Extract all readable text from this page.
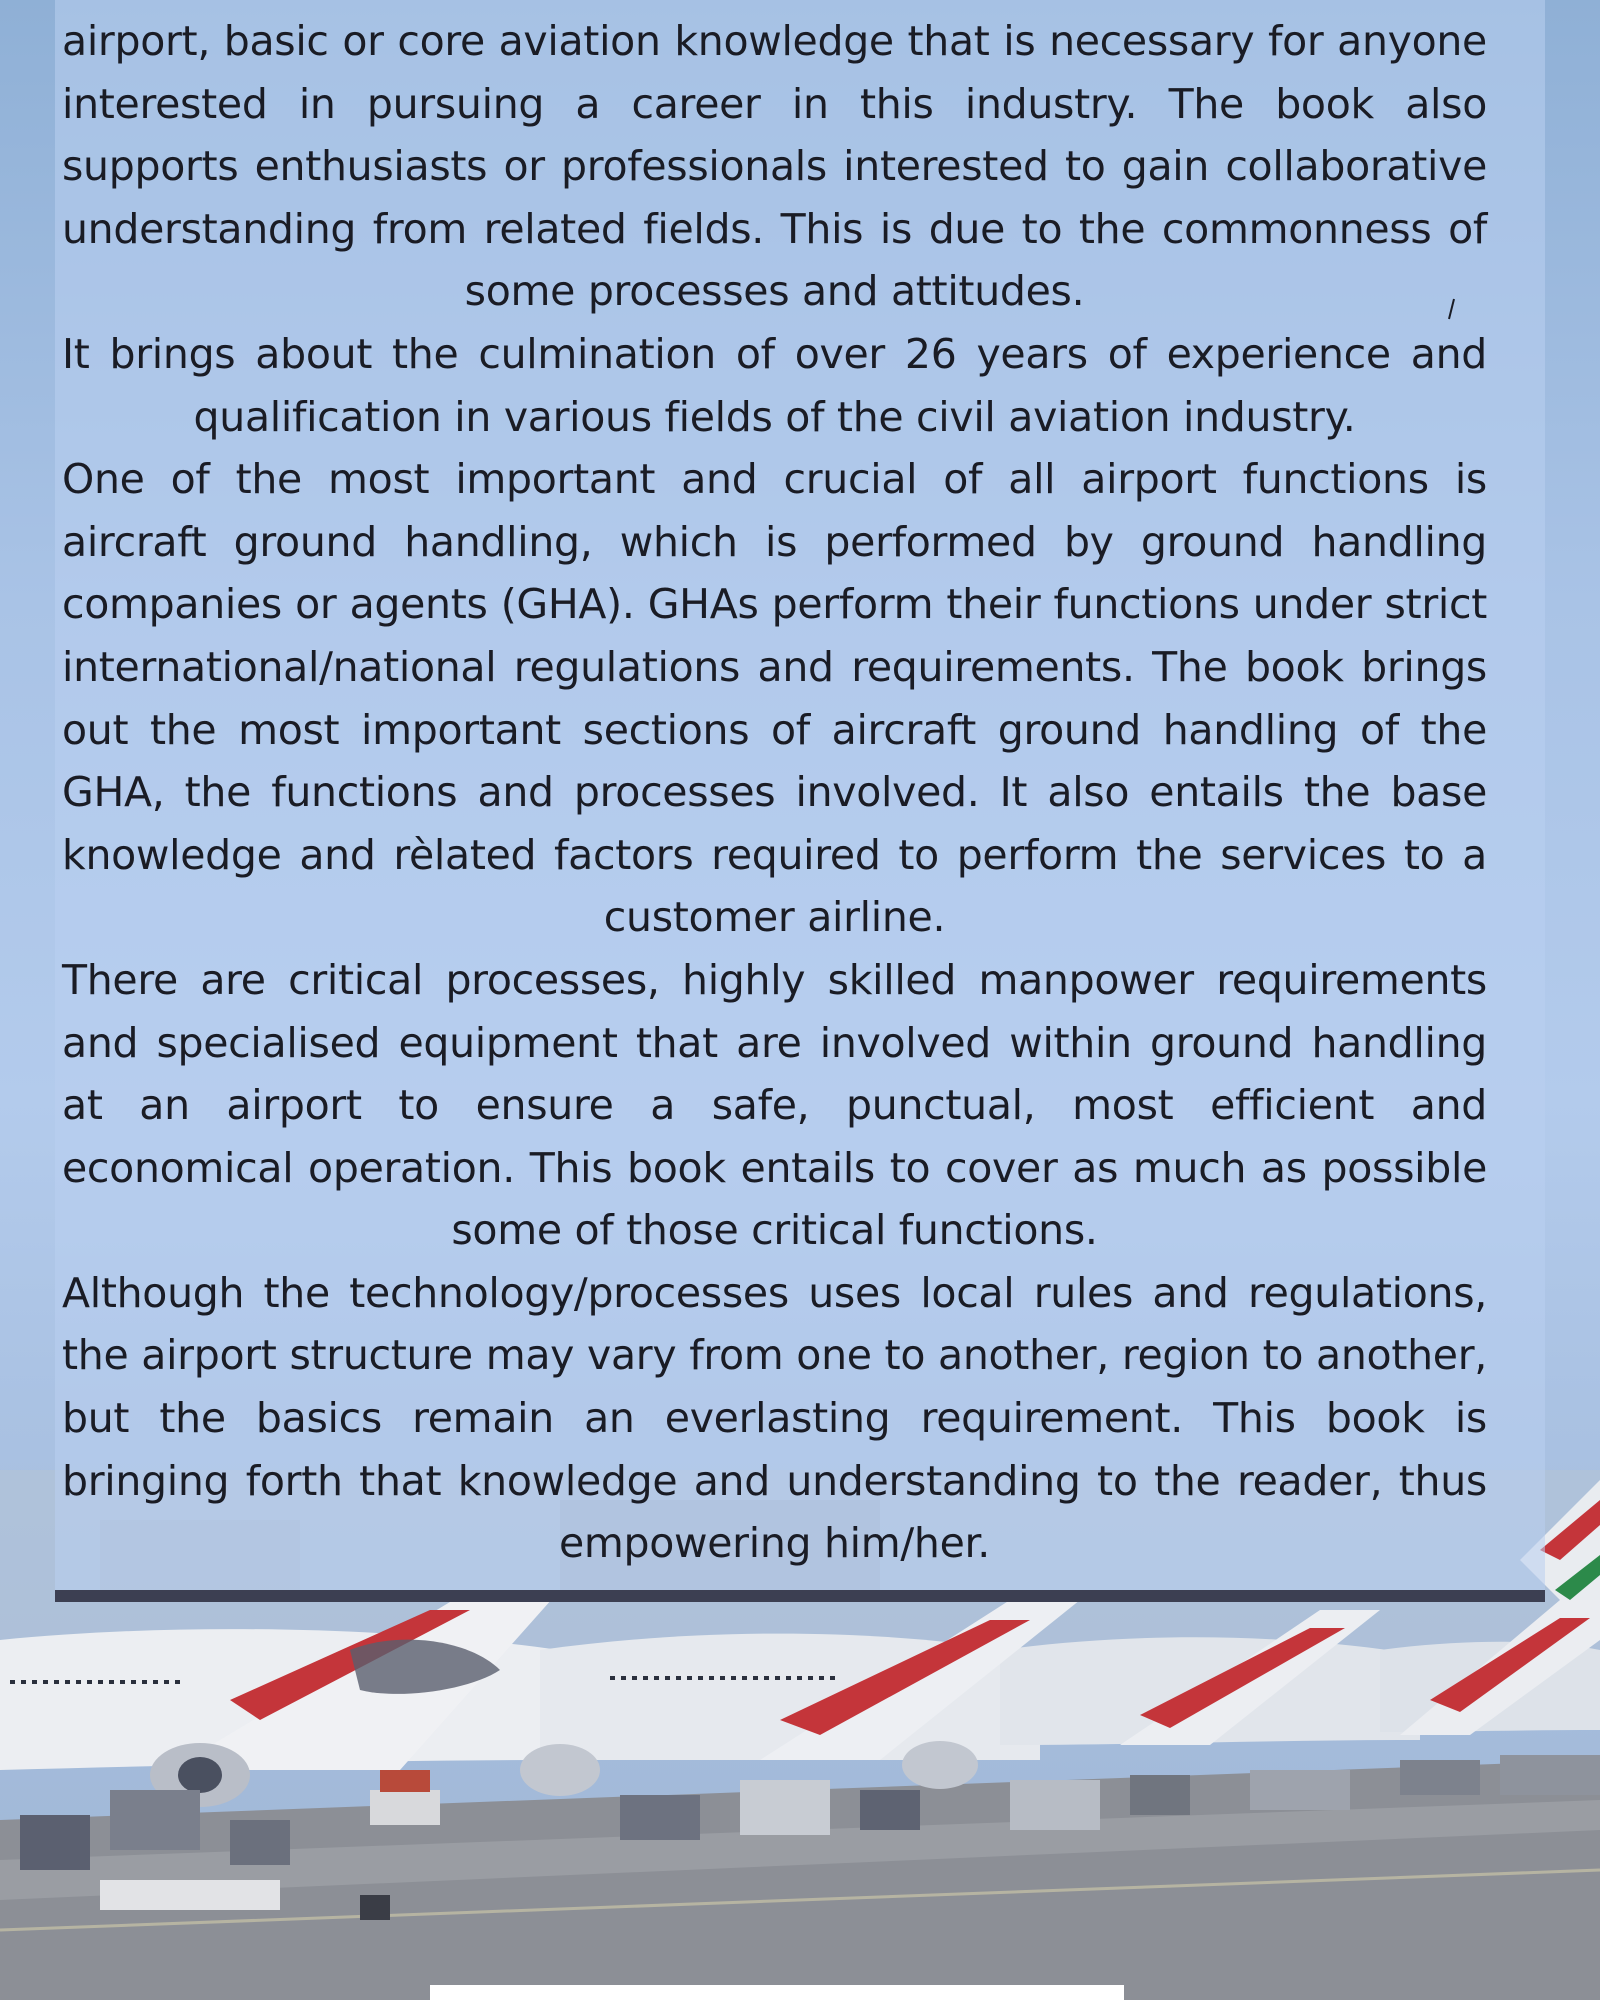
airport, basic or core aviation knowledge that is necessary for anyone interested in pursuing a career in this industry. The book also supports enthusiasts or professionals interested to gain collaborative understanding from related fields. This is due to the commonness of some processes and attitudes.

It brings about the culmination of over 26 years of experience and qualification in various fields of the civil aviation industry.

One of the most important and crucial of all airport functions is aircraft ground handling, which is performed by ground handling companies or agents (GHA). GHAs perform their functions under strict international/national regulations and requirements. The book brings out the most important sections of aircraft ground handling of the GHA, the functions and processes involved. It also entails the base knowledge and rèlated factors required to perform the services to a customer airline.

There are critical processes, highly skilled manpower requirements and specialised equipment that are involved within ground handling at an airport to ensure a safe, punctual, most efficient and economical operation. This book entails to cover as much as possible some of those critical functions.

Although the technology/processes uses local rules and regulations, the airport structure may vary from one to another, region to another, but the basics remain an everlasting requirement. This book is bringing forth that knowledge and understanding to the reader, thus empowering him/her.
